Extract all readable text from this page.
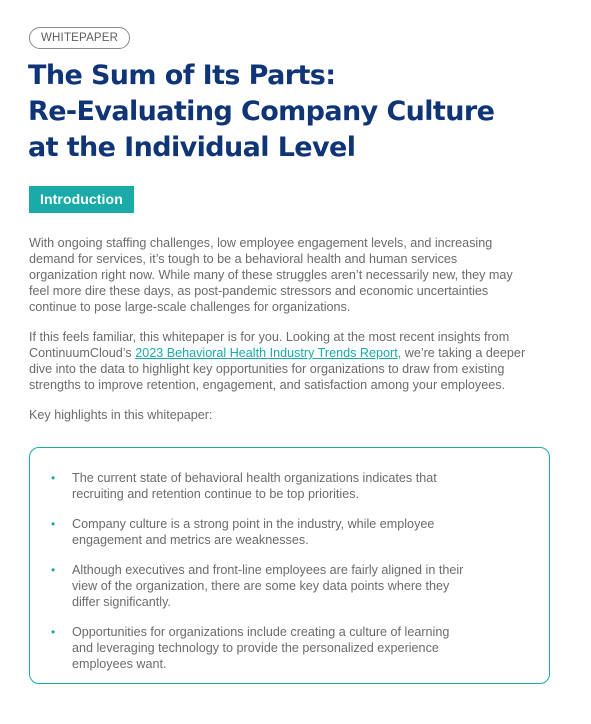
WHITEPAPER
The Sum of Its Parts:
Re-Evaluating Company Culture
at the Individual Level
Introduction

With ongoing staffing challenges, low employee engagement levels, and increasing
demand for services, it’s tough to be a behavioral health and human services
organization right now. While many of these struggles aren’t necessarily new, they may
feel more dire these days, as post-pandemic stressors and economic uncertainties
continue to pose large-scale challenges for organizations.

If this feels familiar, this whitepaper is for you. Looking at the most recent insights from
ContinuumCloud’s 2023 Behavioral Health Industry Trends Report, we’re taking a deeper
dive into the data to highlight key opportunities for organizations to draw from existing
strengths to improve retention, engagement, and satisfaction among your employees.

Key highlights in this whitepaper:

• The current state of behavioral health organizations indicates that
recruiting and retention continue to be top priorities.
• Company culture is a strong point in the industry, while employee
engagement and metrics are weaknesses.
• Although executives and front-line employees are fairly aligned in their
view of the organization, there are some key data points where they
differ significantly.
• Opportunities for organizations include creating a culture of learning
and leveraging technology to provide the personalized experience
employees want.
